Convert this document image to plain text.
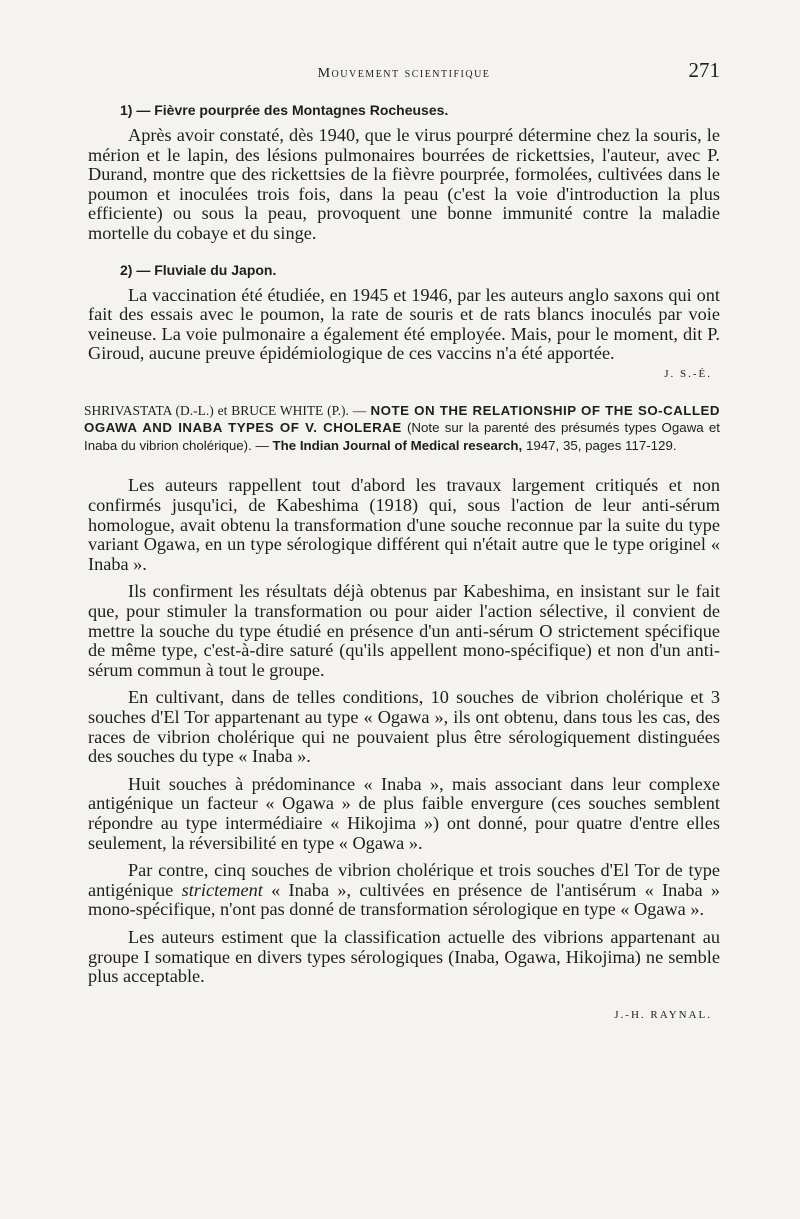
Mouvement scientifique	271
1) — Fièvre pourprée des Montagnes Rocheuses.

Après avoir constaté, dès 1940, que le virus pourpré détermine chez la souris, le mérion et le lapin, des lésions pulmonaires bourrées de rickettsies, l'auteur, avec P. Durand, montre que des rickettsies de la fièvre pourprée, formolées, cultivées dans le poumon et inoculées trois fois, dans la peau (c'est la voie d'introduction la plus efficiente) ou sous la peau, provoquent une bonne immunité contre la maladie mortelle du cobaye et du singe.

2) — Fluviale du Japon.

La vaccination été étudiée, en 1945 et 1946, par les auteurs anglo saxons qui ont fait des essais avec le poumon, la rate de souris et de rats blancs inoculés par voie veineuse. La voie pulmonaire a également été employée. Mais, pour le moment, dit P. Giroud, aucune preuve épidémiologique de ces vaccins n'a été apportée.

J. S.-É.
SHRIVASTATA (D.-L.) et BRUCE WHITE (P.). — NOTE ON THE RELATIONSHIP OF THE SO-CALLED OGAWA AND INABA TYPES OF V. CHOLERAE (Note sur la parenté des présumés types Ogawa et Inaba du vibrion cholérique). — The Indian Journal of Medical research, 1947, 35, pages 117-129.

Les auteurs rappellent tout d'abord les travaux largement critiqués et non confirmés jusqu'ici, de Kabeshima (1918) qui, sous l'action de leur anti-sérum homologue, avait obtenu la transformation d'une souche reconnue par la suite du type variant Ogawa, en un type sérologique différent qui n'était autre que le type originel « Inaba ».

Ils confirment les résultats déjà obtenus par Kabeshima, en insistant sur le fait que, pour stimuler la transformation ou pour aider l'action sélective, il convient de mettre la souche du type étudié en présence d'un anti-sérum O strictement spécifique de même type, c'est-à-dire saturé (qu'ils appellent mono-spécifique) et non d'un anti-sérum commun à tout le groupe.

En cultivant, dans de telles conditions, 10 souches de vibrion cholérique et 3 souches d'El Tor appartenant au type « Ogawa », ils ont obtenu, dans tous les cas, des races de vibrion cholérique qui ne pouvaient plus être sérologiquement distinguées des souches du type « Inaba ».

Huit souches à prédominance « Inaba », mais associant dans leur complexe antigénique un facteur « Ogawa » de plus faible envergure (ces souches semblent répondre au type intermédiaire « Hikojima ») ont donné, pour quatre d'entre elles seulement, la réversibilité en type « Ogawa ».

Par contre, cinq souches de vibrion cholérique et trois souches d'El Tor de type antigénique strictement « Inaba », cultivées en présence de l'antisérum « Inaba » mono-spécifique, n'ont pas donné de transformation sérologique en type « Ogawa ».

Les auteurs estiment que la classification actuelle des vibrions appartenant au groupe I somatique en divers types sérologiques (Inaba, Ogawa, Hikojima) ne semble plus acceptable.

J.-H. RAYNAL.
